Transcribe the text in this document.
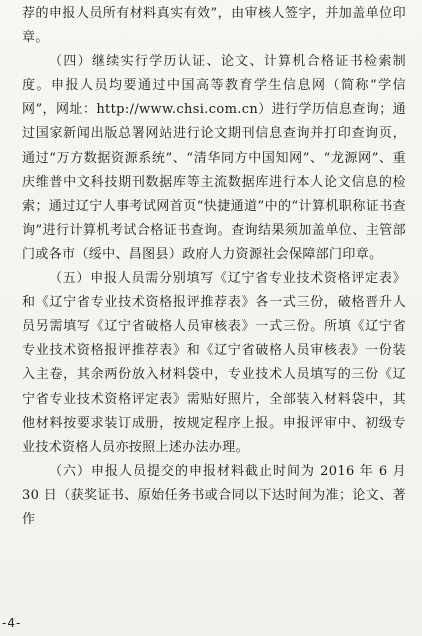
荐的申报人员所有材料真实有效”，由审核人签字，并加盖单位印章。

（四）继续实行学历认证、论文、计算机合格证书检索制度。申报人员均要通过中国高等教育学生信息网（简称“学信网”，网址：http://www.chsi.com.cn）进行学历信息查询；通过国家新闻出版总署网站进行论文期刊信息查询并打印查询页，通过“万方数据资源系统”、“清华同方中国知网”、“龙源网”、重庆维普中文科技期刊数据库等主流数据库进行本人论文信息的检索；通过辽宁人事考试网首页“快捷通道”中的“计算机职称证书查询”进行计算机考试合格证书查询。查询结果须加盖单位、主管部门或各市（绥中、昌图县）政府人力资源社会保障部门印章。

（五）申报人员需分别填写《辽宁省专业技术资格评定表》和《辽宁省专业技术资格报评推荐表》各一式三份，破格晋升人员另需填写《辽宁省破格人员审核表》一式三份。所填《辽宁省专业技术资格报评推荐表》和《辽宁省破格人员审核表》一份装入主卷，其余两份放入材料袋中，专业技术人员填写的三份《辽宁省专业技术资格评定表》需贴好照片，全部装入材料袋中，其他材料按要求装订成册，按规定程序上报。申报评审中、初级专业技术资格人员亦按照上述办法办理。

（六）申报人员提交的申报材料截止时间为 2016 年 6 月 30 日（获奖证书、原始任务书或合同以下达时间为准；论文、著作

-4-
